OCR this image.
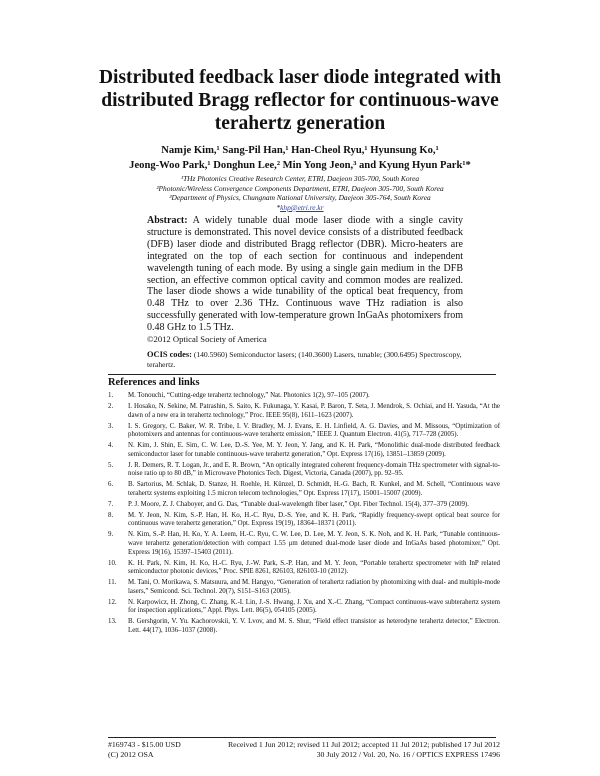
Distributed feedback laser diode integrated with distributed Bragg reflector for continuous-wave terahertz generation
Namje Kim,¹ Sang-Pil Han,¹ Han-Cheol Ryu,¹ Hyunsung Ko,¹
Jeong-Woo Park,¹ Donghun Lee,² Min Yong Jeon,³ and Kyung Hyun Park¹*
¹THz Photonics Creative Research Center, ETRI, Daejeon 305-700, South Korea
²Photonic/Wireless Convergence Components Department, ETRI, Daejeon 305-700, South Korea
³Department of Physics, Chungnam National University, Daejeon 305-764, South Korea
*khp@etri.re.kr
Abstract: A widely tunable dual mode laser diode with a single cavity structure is demonstrated. This novel device consists of a distributed feedback (DFB) laser diode and distributed Bragg reflector (DBR). Micro-heaters are integrated on the top of each section for continuous and independent wavelength tuning of each mode. By using a single gain medium in the DFB section, an effective common optical cavity and common modes are realized. The laser diode shows a wide tunability of the optical beat frequency, from 0.48 THz to over 2.36 THz. Continuous wave THz radiation is also successfully generated with low-temperature grown InGaAs photomixers from 0.48 GHz to 1.5 THz.
©2012 Optical Society of America
OCIS codes: (140.5960) Semiconductor lasers; (140.3600) Lasers, tunable; (300.6495) Spectroscopy, terahertz.
References and links
1.	M. Tonouchi, “Cutting-edge terahertz technology,” Nat. Photonics 1(2), 97–105 (2007).
2.	I. Hosako, N. Sekine, M. Patrashin, S. Saito, K. Fukunaga, Y. Kasai, P. Baron, T. Seta, J. Mendrok, S. Ochiai, and H. Yasuda, “At the dawn of a new era in terahertz technology,” Proc. IEEE 95(8), 1611–1623 (2007).
3.	I. S. Gregory, C. Baker, W. R. Tribe, I. V. Bradley, M. J. Evans, E. H. Linfield, A. G. Davies, and M. Missous, “Optimization of photomixers and antennas for continuous-wave terahertz emission,” IEEE J. Quantum Electron. 41(5), 717–728 (2005).
4.	N. Kim, J. Shin, E. Sim, C. W. Lee, D.-S. Yee, M. Y. Jeon, Y. Jang, and K. H. Park, “Monolithic dual-mode distributed feedback semiconductor laser for tunable continuous-wave terahertz generation,” Opt. Express 17(16), 13851–13859 (2009).
5.	J. R. Demers, R. T. Logan, Jr., and E. R. Brown, “An optically integrated coherent frequency-domain THz spectrometer with signal-to-noise ratio up to 80 dB,” in Microwave Photonics Tech. Digest, Victoria, Canada (2007), pp. 92–95.
6.	B. Sartorius, M. Schlak, D. Stanze, H. Roehle, H. Künzel, D. Schmidt, H.-G. Bach, R. Kunkel, and M. Schell, “Continuous wave terahertz systems exploiting 1.5 micron telecom technologies,” Opt. Express 17(17), 15001–15007 (2009).
7.	P. J. Moore, Z. J. Chaboyer, and G. Das, “Tunable dual-wavelength fiber laser,” Opt. Fiber Technol. 15(4), 377–379 (2009).
8.	M. Y. Jeon, N. Kim, S.-P. Han, H. Ko, H.-C. Ryu, D.-S. Yee, and K. H. Park, “Rapidly frequency-swept optical beat source for continuous wave terahertz generation,” Opt. Express 19(19), 18364–18371 (2011).
9.	N. Kim, S.-P. Han, H. Ko, Y. A. Leem, H.-C. Ryu, C. W. Lee, D. Lee, M. Y. Jeon, S. K. Noh, and K. H. Park, “Tunable continuous-wave terahertz generation/detection with compact 1.55 μm detuned dual-mode laser diode and InGaAs based photomixer,” Opt. Express 19(16), 15397–15403 (2011).
10.	K. H. Park, N. Kim, H. Ko, H.-C. Ryu, J.-W. Park, S.-P. Han, and M. Y. Jeon, “Portable terahertz spectrometer with InP related semiconductor photonic devices,” Proc. SPIE 8261, 826103, 826103-10 (2012).
11.	M. Tani, O. Morikawa, S. Matsuura, and M. Hangyo, “Generation of terahertz radiation by photomixing with dual- and multiple-mode lasers,” Semicond. Sci. Technol. 20(7), S151–S163 (2005).
12.	N. Karpowicz, H. Zhong, C. Zhang, K.-I. Lin, J.-S. Hwang, J. Xu, and X.-C. Zhang, “Compact continuous-wave subterahertz system for inspection applications,” Appl. Phys. Lett. 86(5), 054105 (2005).
13.	B. Gershgorin, V. Yu. Kachorovskii, Y. V. Lvov, and M. S. Shur, “Field effect transistor as heterodyne terahertz detector,” Electron. Lett. 44(17), 1036–1037 (2008).
#169743 - $15.00 USD	Received 1 Jun 2012; revised 11 Jul 2012; accepted 11 Jul 2012; published 17 Jul 2012
(C) 2012 OSA	30 July 2012 / Vol. 20, No. 16 / OPTICS EXPRESS 17496
